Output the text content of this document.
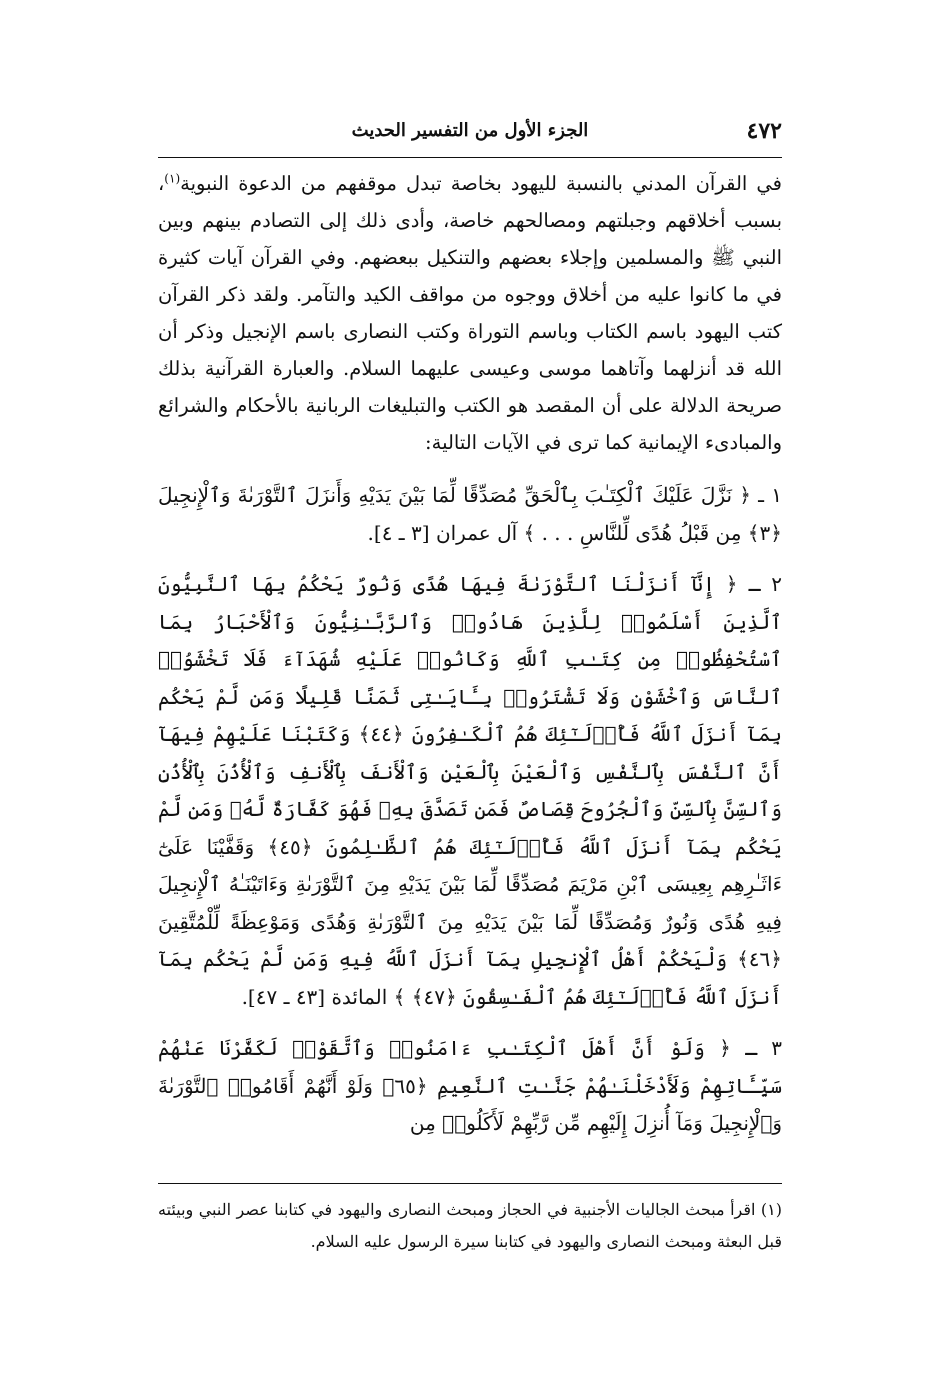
٤٧٢
الجزء الأول من التفسير الحديث

في القرآن المدني بالنسبة لليهود بخاصة تبدل موقفهم من الدعوة النبوية$^{(١)}$، بسبب أخلاقهم وجبلتهم ومصالحهم خاصة، وأدى ذلك إلى التصادم بينهم وبين النبي ﷺ والمسلمين وإجلاء بعضهم والتنكيل ببعضهم. وفي القرآن آيات كثيرة في ما كانوا عليه من أخلاق ووجوه من مواقف الكيد والتآمر. ولقد ذكر القرآن كتب اليهود باسم الكتاب وباسم التوراة وكتب النصارى باسم الإنجيل وذكر أن الله قد أنزلهما وآتاهما موسى وعيسى عليهما السلام. والعبارة القرآنية بذلك صريحة الدلالة على أن المقصد هو الكتب والتبليغات الربانية بالأحكام والشرائع والمبادىء الإيمانية كما ترى في الآيات التالية:

١ ـ ﴿ نَزَّلَ عَلَيْكَ ٱلْكِتَـٰبَ بِٱلْحَقِّ مُصَدِّقًا لِّمَا بَيْنَ يَدَيْهِ وَأَنزَلَ ٱلتَّوْرَىٰةَ وَٱلْإِنجِيلَ ﴿٣﴾ مِن قَبْلُ هُدًى لِّلنَّاسِ . . . ﴾ آل عمران [٣ ـ ٤].

٢ ـ ﴿ إِنَّآ أَنزَلْنَا ٱلتَّوْرَىٰةَ فِيهَا هُدًى وَنُورٌ يَحْكُمُ بِهَا ٱلنَّبِيُّونَ ٱلَّذِينَ أَسْلَمُوا۟ لِلَّذِينَ هَادُوا۟ وَٱلرَّبَّـٰنِيُّونَ وَٱلْأَحْبَارُ بِمَا ٱسْتُحْفِظُوا۟ مِن كِتَـٰبِ ٱللَّهِ وَكَانُوا۟ عَلَيْهِ شُهَدَآءَ فَلَا تَخْشَوُا۟ ٱلنَّاسَ وَٱخْشَوْنِ وَلَا تَشْتَرُوا۟ بِـَٔايَـٰتِى ثَمَنًا قَلِيلًا وَمَن لَّمْ يَحْكُم بِمَآ أَنزَلَ ٱللَّهُ فَأُو۟لَـٰٓئِكَ هُمُ ٱلْكَـٰفِرُونَ ﴿٤٤﴾ وَكَتَبْنَا عَلَيْهِمْ فِيهَآ أَنَّ ٱلنَّفْسَ بِٱلنَّفْسِ وَٱلْعَيْنَ بِٱلْعَيْنِ وَٱلْأَنفَ بِٱلْأَنفِ وَٱلْأُذُنَ بِٱلْأُذُنِ وَٱلسِّنَّ بِٱلسِّنِّ وَٱلْجُرُوحَ قِصَاصٌ فَمَن تَصَدَّقَ بِهِۦ فَهُوَ كَفَّارَةٌ لَّهُۥ وَمَن لَّمْ يَحْكُم بِمَآ أَنزَلَ ٱللَّهُ فَأُو۟لَـٰٓئِكَ هُمُ ٱلظَّـٰلِمُونَ ﴿٤٥﴾ وَقَفَّيْنَا عَلَىٰٓ ءَاثَـٰرِهِم بِعِيسَى ٱبْنِ مَرْيَمَ مُصَدِّقًا لِّمَا بَيْنَ يَدَيْهِ مِنَ ٱلتَّوْرَىٰةِ وَءَاتَيْنَـٰهُ ٱلْإِنجِيلَ فِيهِ هُدًى وَنُورٌ وَمُصَدِّقًا لِّمَا بَيْنَ يَدَيْهِ مِنَ ٱلتَّوْرَىٰةِ وَهُدًى وَمَوْعِظَةً لِّلْمُتَّقِينَ ﴿٤٦﴾ وَلْيَحْكُمْ أَهْلُ ٱلْإِنجِيلِ بِمَآ أَنزَلَ ٱللَّهُ فِيهِ وَمَن لَّمْ يَحْكُم بِمَآ أَنزَلَ ٱللَّهُ فَأُو۟لَـٰٓئِكَ هُمُ ٱلْفَـٰسِقُونَ ﴿٤٧﴾ ﴾ المائدة [٤٣ ـ ٤٧].

٣ ـ ﴿ وَلَوْ أَنَّ أَهْلَ ٱلْكِتَـٰبِ ءَامَنُوا۟ وَٱتَّقَوْا۟ لَكَفَّرْنَا عَنْهُمْ سَيِّـَٔاتِهِمْ وَلَأَدْخَلْنَـٰهُمْ جَنَّـٰتِ ٱلنَّعِيمِ ﴿٦٥﴾ وَلَوْ أَنَّهُمْ أَقَامُوا۟ ٱلتَّوْرَىٰةَ وَٱلْإِنجِيلَ وَمَآ أُنزِلَ إِلَيْهِم مِّن رَّبِّهِمْ لَأَكَلُوا۟ مِن

(١) اقرأ مبحث الجاليات الأجنبية في الحجاز ومبحث النصارى واليهود في كتابنا عصر النبي وبيئته قبل البعثة ومبحث النصارى واليهود في كتابنا سيرة الرسول عليه السلام.
